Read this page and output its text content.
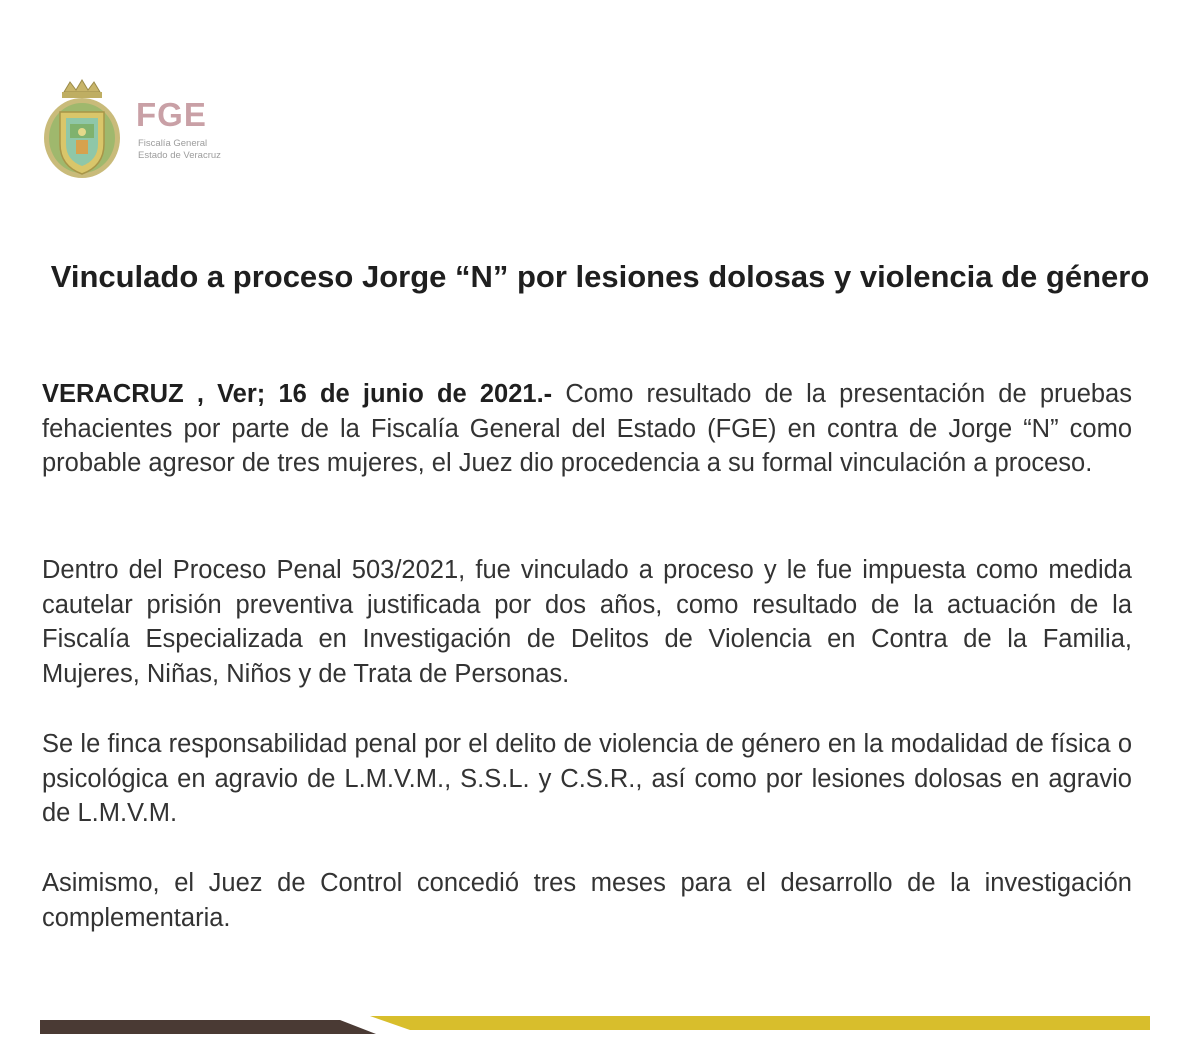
FGE
Fiscalía General
Estado de Veracruz
Vinculado a proceso Jorge “N” por lesiones dolosas y violencia de género

VERACRUZ , Ver; 16 de junio de 2021.- Como resultado de la presentación de pruebas fehacientes por parte de la Fiscalía General del Estado (FGE) en contra de Jorge “N” como probable agresor de tres mujeres, el Juez dio procedencia a su formal vinculación a proceso.

Dentro del Proceso Penal 503/2021, fue vinculado a proceso y le fue impuesta como medida cautelar prisión preventiva justificada por dos años, como resultado de la actuación de la Fiscalía Especializada en Investigación de Delitos de Violencia en Contra de la Familia, Mujeres, Niñas, Niños y de Trata de Personas.

Se le finca responsabilidad penal por el delito de violencia de género en la modalidad de física o psicológica en agravio de L.M.V.M., S.S.L. y C.S.R., así como por lesiones dolosas en agravio de L.M.V.M.

Asimismo, el Juez de Control concedió tres meses para el desarrollo de la investigación complementaria.
